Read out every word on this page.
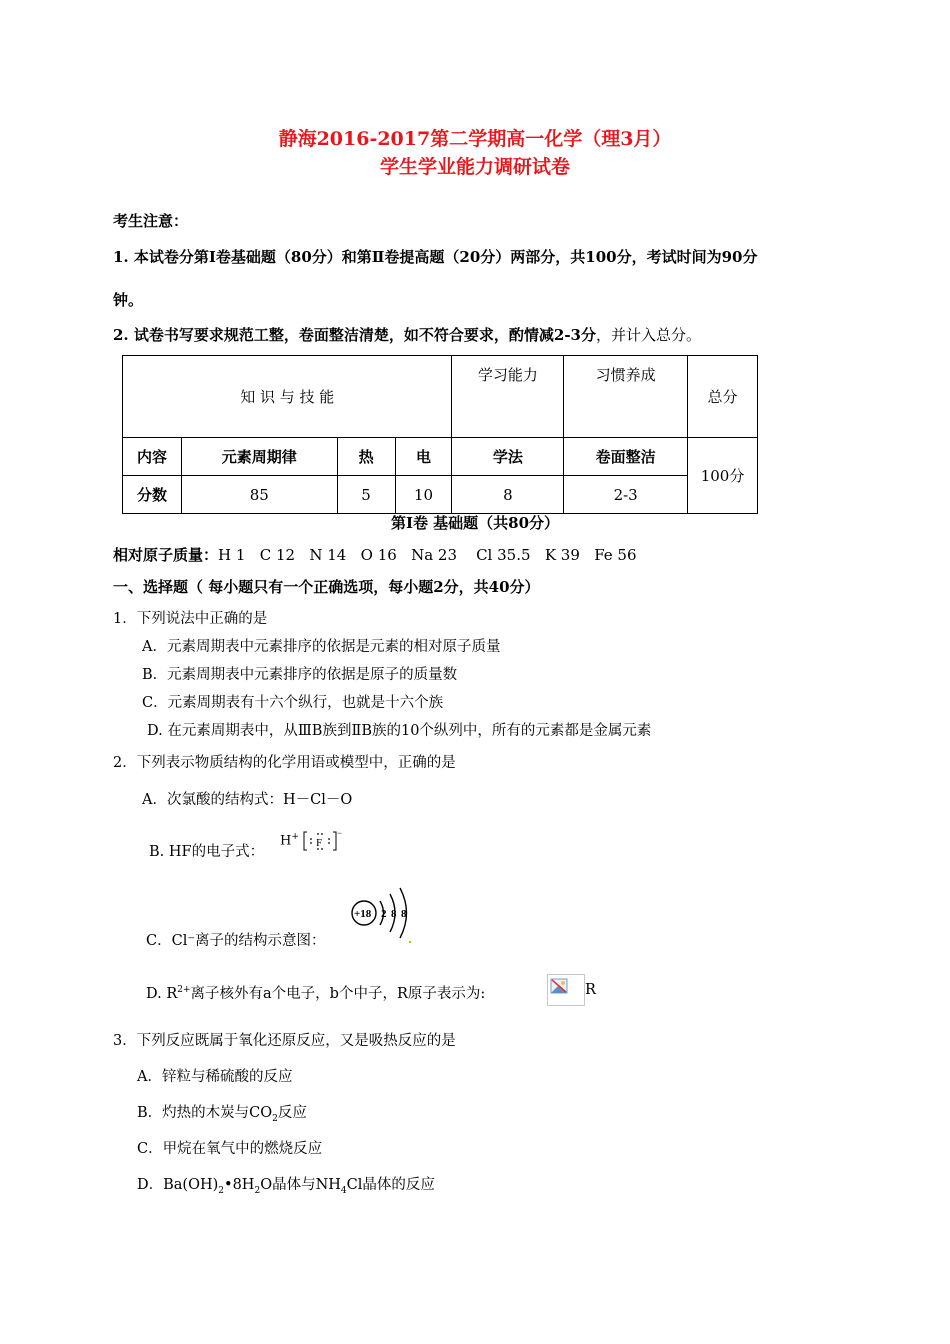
静海2016-2017第二学期高一化学（理3月）
学生学业能力调研试卷
考生注意：
1. 本试卷分第Ⅰ卷基础题（80分）和第Ⅱ卷提高题（20分）两部分，共100分，考试时间为90分
钟。
2. 试卷书写要求规范工整，卷面整洁清楚，如不符合要求，酌情减2-3分，并计入总分。
知 识 与 技 能				学习能力	习惯养成	总分
内容	元素周期律	热	电	学法	卷面整洁	100分
分数	85	5	10	8	2-3	
第Ⅰ卷 基础题（共80分）
相对原子质量：H 1   C 12   N 14   O 16   Na 23    Cl 35.5   K 39   Fe 56
一、选择题（ 每小题只有一个正确选项，每小题2分，共40分）
1．下列说法中正确的是
A．元素周期表中元素排序的依据是元素的相对原子质量
B．元素周期表中元素排序的依据是原子的质量数
C．元素周期表有十六个纵行，也就是十六个族
D. 在元素周期表中，从ⅢB族到ⅡB族的10个纵列中，所有的元素都是金属元素
2．下列表示物质结构的化学用语或模型中，正确的是
A．次氯酸的结构式：H－Cl－O
B. HF的电子式：
H+ F
−
C．Cl⁻离子的结构示意图：
+18 2 8 8
D. $R^{2+}$离子核外有a个电子，b个中子，R原子表示为:	R
3．下列反应既属于氧化还原反应，又是吸热反应的是
A．锌粒与稀硫酸的反应
B．灼热的木炭与$CO_2$反应
C．甲烷在氧气中的燃烧反应
D．$Ba(OH)_2•8H_2O$晶体与$NH_4Cl$晶体的反应
